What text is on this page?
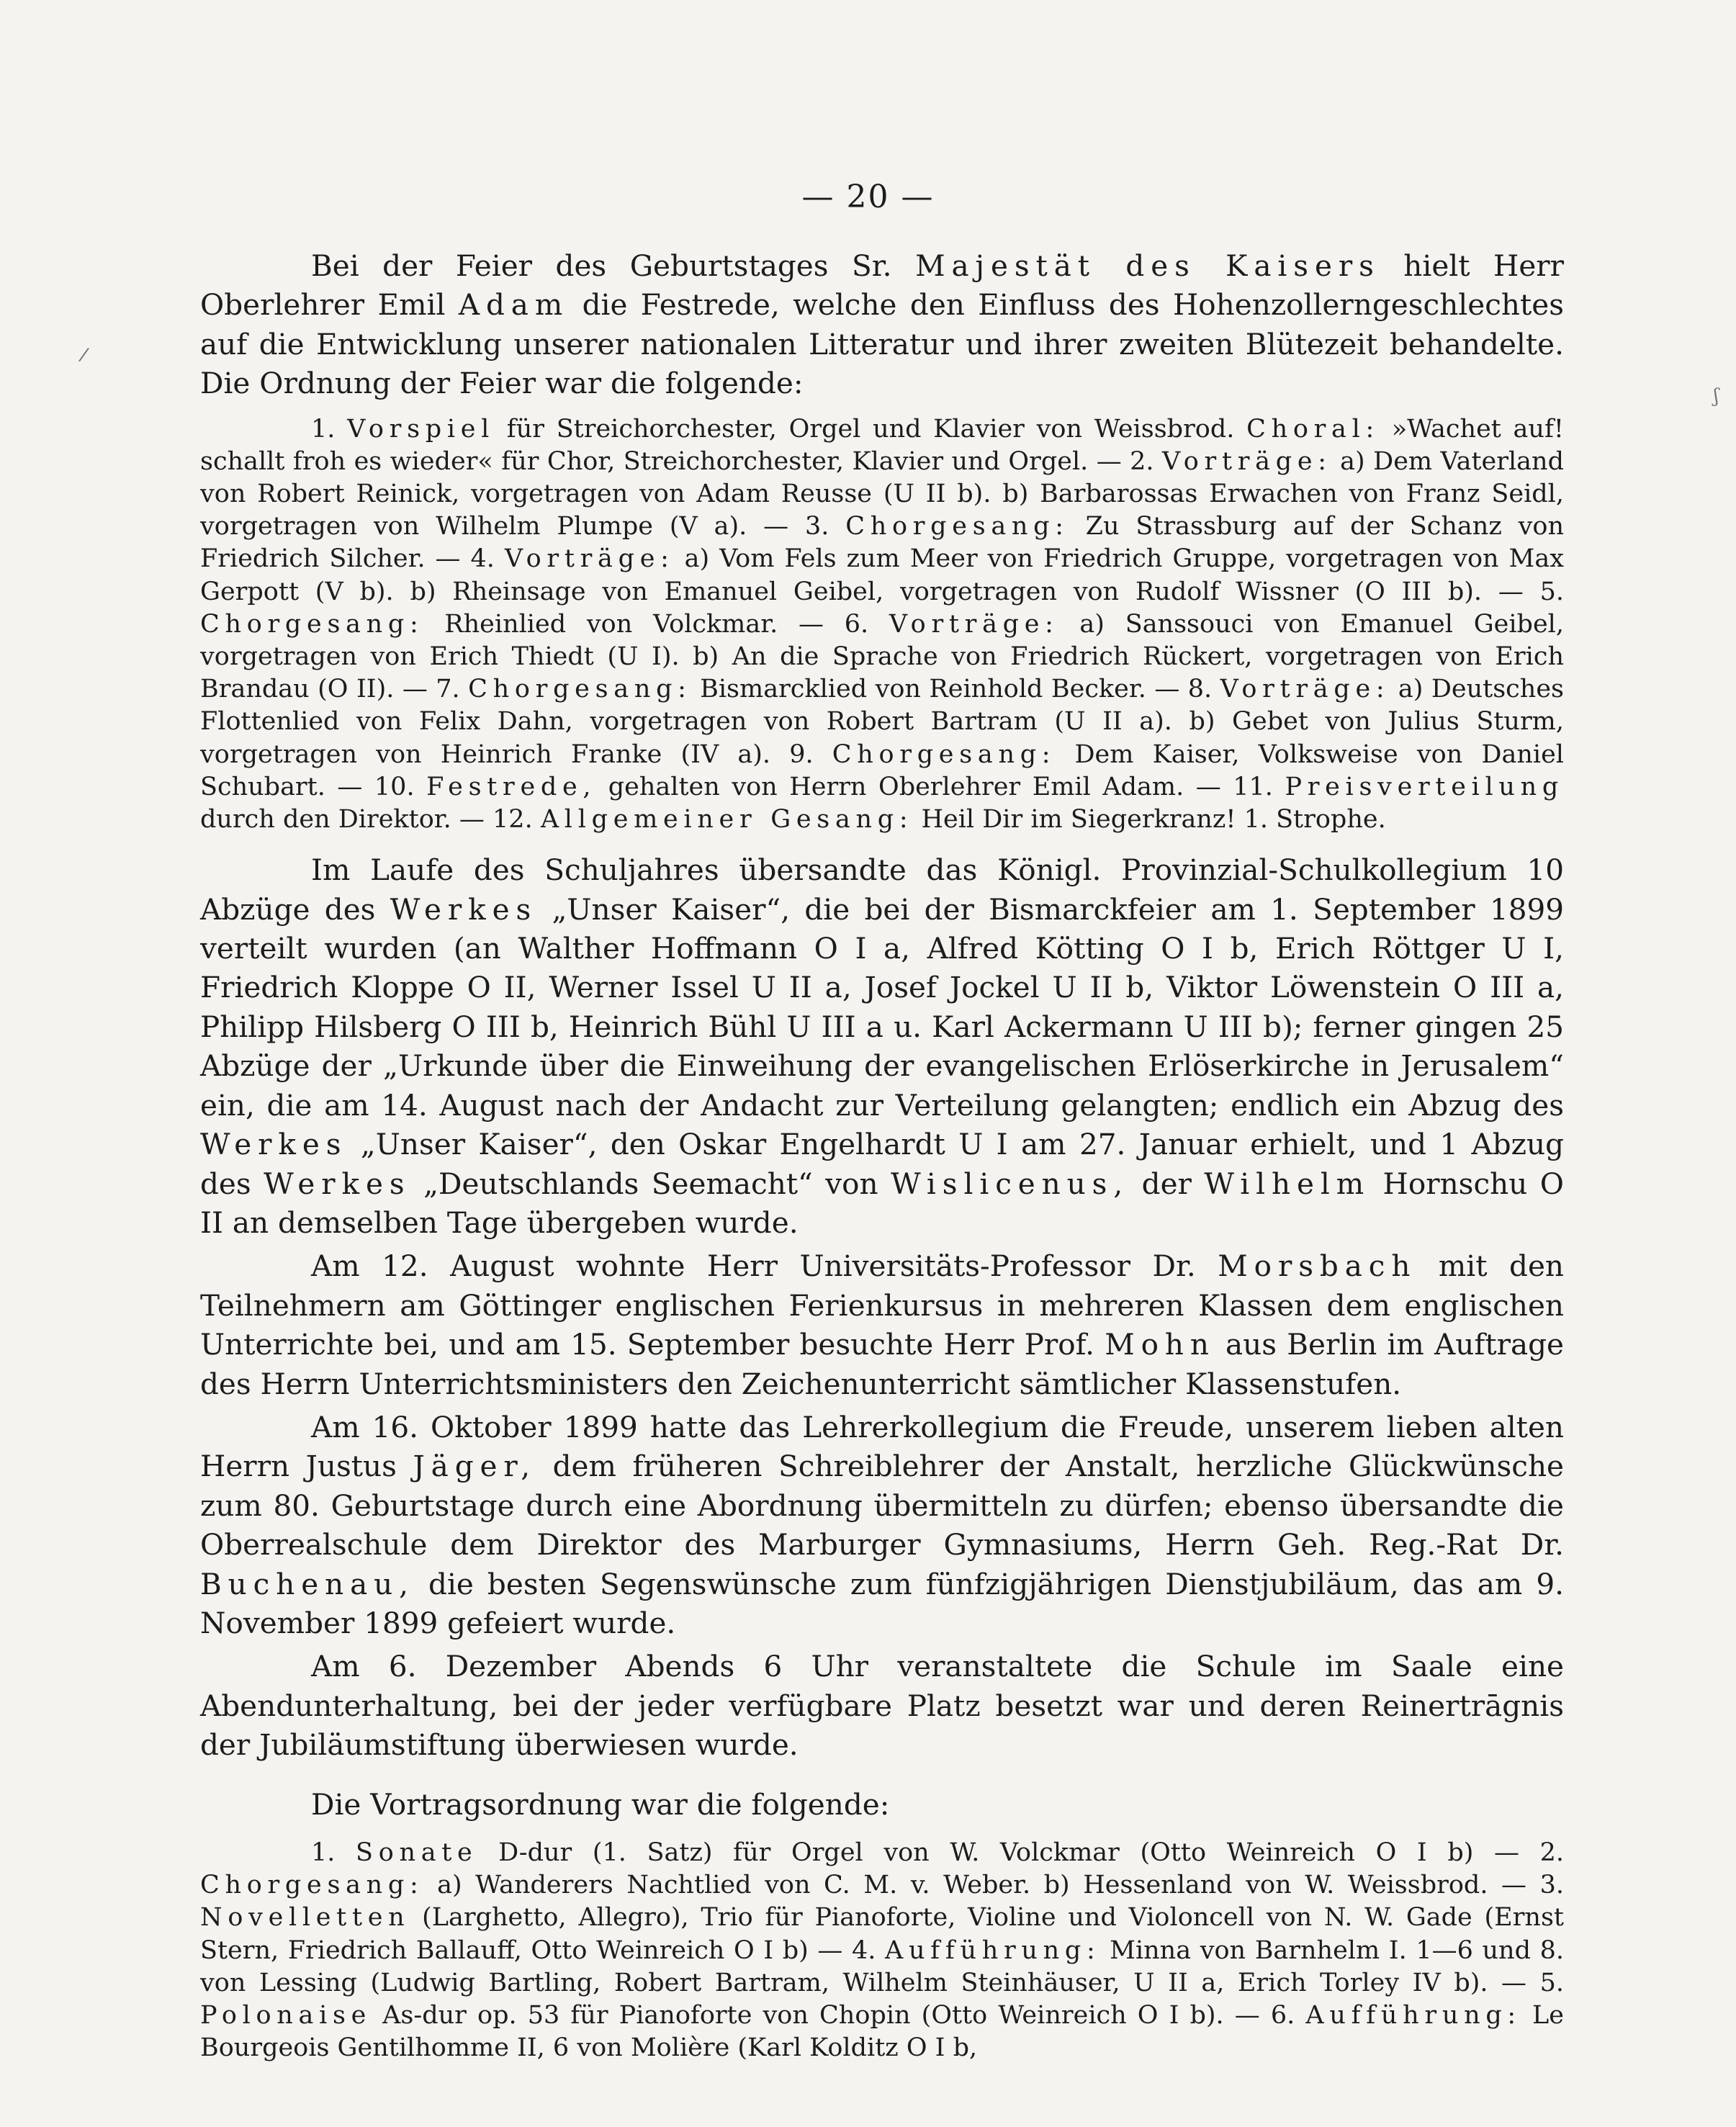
— 20 —
/
ʃ

Bei der Feier des Geburtstages Sr. Majestät des Kaisers hielt Herr Oberlehrer Emil Adam die Festrede, welche den Einfluss des Hohenzollerngeschlechtes auf die Entwicklung unserer nationalen Litteratur und ihrer zweiten Blütezeit behandelte. Die Ordnung der Feier war die folgende:

1. Vorspiel für Streichorchester, Orgel und Klavier von Weissbrod. Choral: »Wachet auf! schallt froh es wieder« für Chor, Streichorchester, Klavier und Orgel. — 2. Vorträge: a) Dem Vaterland von Robert Reinick, vorgetragen von Adam Reusse (U II b). b) Barbarossas Erwachen von Franz Seidl, vorgetragen von Wilhelm Plumpe (V a). — 3. Chorgesang: Zu Strassburg auf der Schanz von Friedrich Silcher. — 4. Vorträge: a) Vom Fels zum Meer von Friedrich Gruppe, vorgetragen von Max Gerpott (V b). b) Rheinsage von Emanuel Geibel, vorgetragen von Rudolf Wissner (O III b). — 5. Chorgesang: Rheinlied von Volckmar. — 6. Vorträge: a) Sanssouci von Emanuel Geibel, vorgetragen von Erich Thiedt (U I). b) An die Sprache von Friedrich Rückert, vorgetragen von Erich Brandau (O II). — 7. Chorgesang: Bismarcklied von Reinhold Becker. — 8. Vorträge: a) Deutsches Flottenlied von Felix Dahn, vorgetragen von Robert Bartram (U II a). b) Gebet von Julius Sturm, vorgetragen von Heinrich Franke (IV a). 9. Chorgesang: Dem Kaiser, Volksweise von Daniel Schubart. — 10. Festrede, gehalten von Herrn Oberlehrer Emil Adam. — 11. Preisverteilung durch den Direktor. — 12. Allgemeiner Gesang: Heil Dir im Siegerkranz! 1. Strophe.

Im Laufe des Schuljahres übersandte das Königl. Provinzial-Schulkollegium 10 Abzüge des Werkes „Unser Kaiser“, die bei der Bismarckfeier am 1. September 1899 verteilt wurden (an Walther Hoffmann O I a, Alfred Kötting O I b, Erich Röttger U I, Friedrich Kloppe O II, Werner Issel U II a, Josef Jockel U II b, Viktor Löwenstein O III a, Philipp Hilsberg O III b, Heinrich Bühl U III a u. Karl Ackermann U III b); ferner gingen 25 Abzüge der „Urkunde über die Einweihung der evangelischen Erlöserkirche in Jerusalem“ ein, die am 14. August nach der Andacht zur Verteilung gelangten; endlich ein Abzug des Werkes „Unser Kaiser“, den Oskar Engelhardt U I am 27. Januar erhielt, und 1 Abzug des Werkes „Deutschlands Seemacht“ von Wislicenus, der Wilhelm Hornschu O II an demselben Tage übergeben wurde.

Am 12. August wohnte Herr Universitäts-Professor Dr. Morsbach mit den Teilnehmern am Göttinger englischen Ferienkursus in mehreren Klassen dem englischen Unterrichte bei, und am 15. September besuchte Herr Prof. Mohn aus Berlin im Auftrage des Herrn Unterrichtsministers den Zeichenunterricht sämtlicher Klassenstufen.

Am 16. Oktober 1899 hatte das Lehrerkollegium die Freude, unserem lieben alten Herrn Justus Jäger, dem früheren Schreiblehrer der Anstalt, herzliche Glückwünsche zum 80. Geburtstage durch eine Abordnung übermitteln zu dürfen; ebenso übersandte die Oberrealschule dem Direktor des Marburger Gymnasiums, Herrn Geh. Reg.-Rat Dr. Buchenau, die besten Segenswünsche zum fünfzigjährigen Dienstjubiläum, das am 9. November 1899 gefeiert wurde.

Am 6. Dezember Abends 6 Uhr veranstaltete die Schule im Saale eine Abendunterhaltung, bei der jeder verfügbare Platz besetzt war und deren Reinertrāgnis der Jubiläumstiftung überwiesen wurde.

Die Vortragsordnung war die folgende:

1. Sonate D-dur (1. Satz) für Orgel von W. Volckmar (Otto Weinreich O I b) — 2. Chorgesang: a) Wanderers Nachtlied von C. M. v. Weber. b) Hessenland von W. Weissbrod. — 3. Novelletten (Larghetto, Allegro), Trio für Pianoforte, Violine und Violoncell von N. W. Gade (Ernst Stern, Friedrich Ballauff, Otto Weinreich O I b) — 4. Aufführung: Minna von Barnhelm I. 1—6 und 8. von Lessing (Ludwig Bartling, Robert Bartram, Wilhelm Steinhäuser, U II a, Erich Torley IV b). — 5. Polonaise As-dur op. 53 für Pianoforte von Chopin (Otto Weinreich O I b). — 6. Aufführung: Le Bourgeois Gentilhomme II, 6 von Molière (Karl Kolditz O I b,
